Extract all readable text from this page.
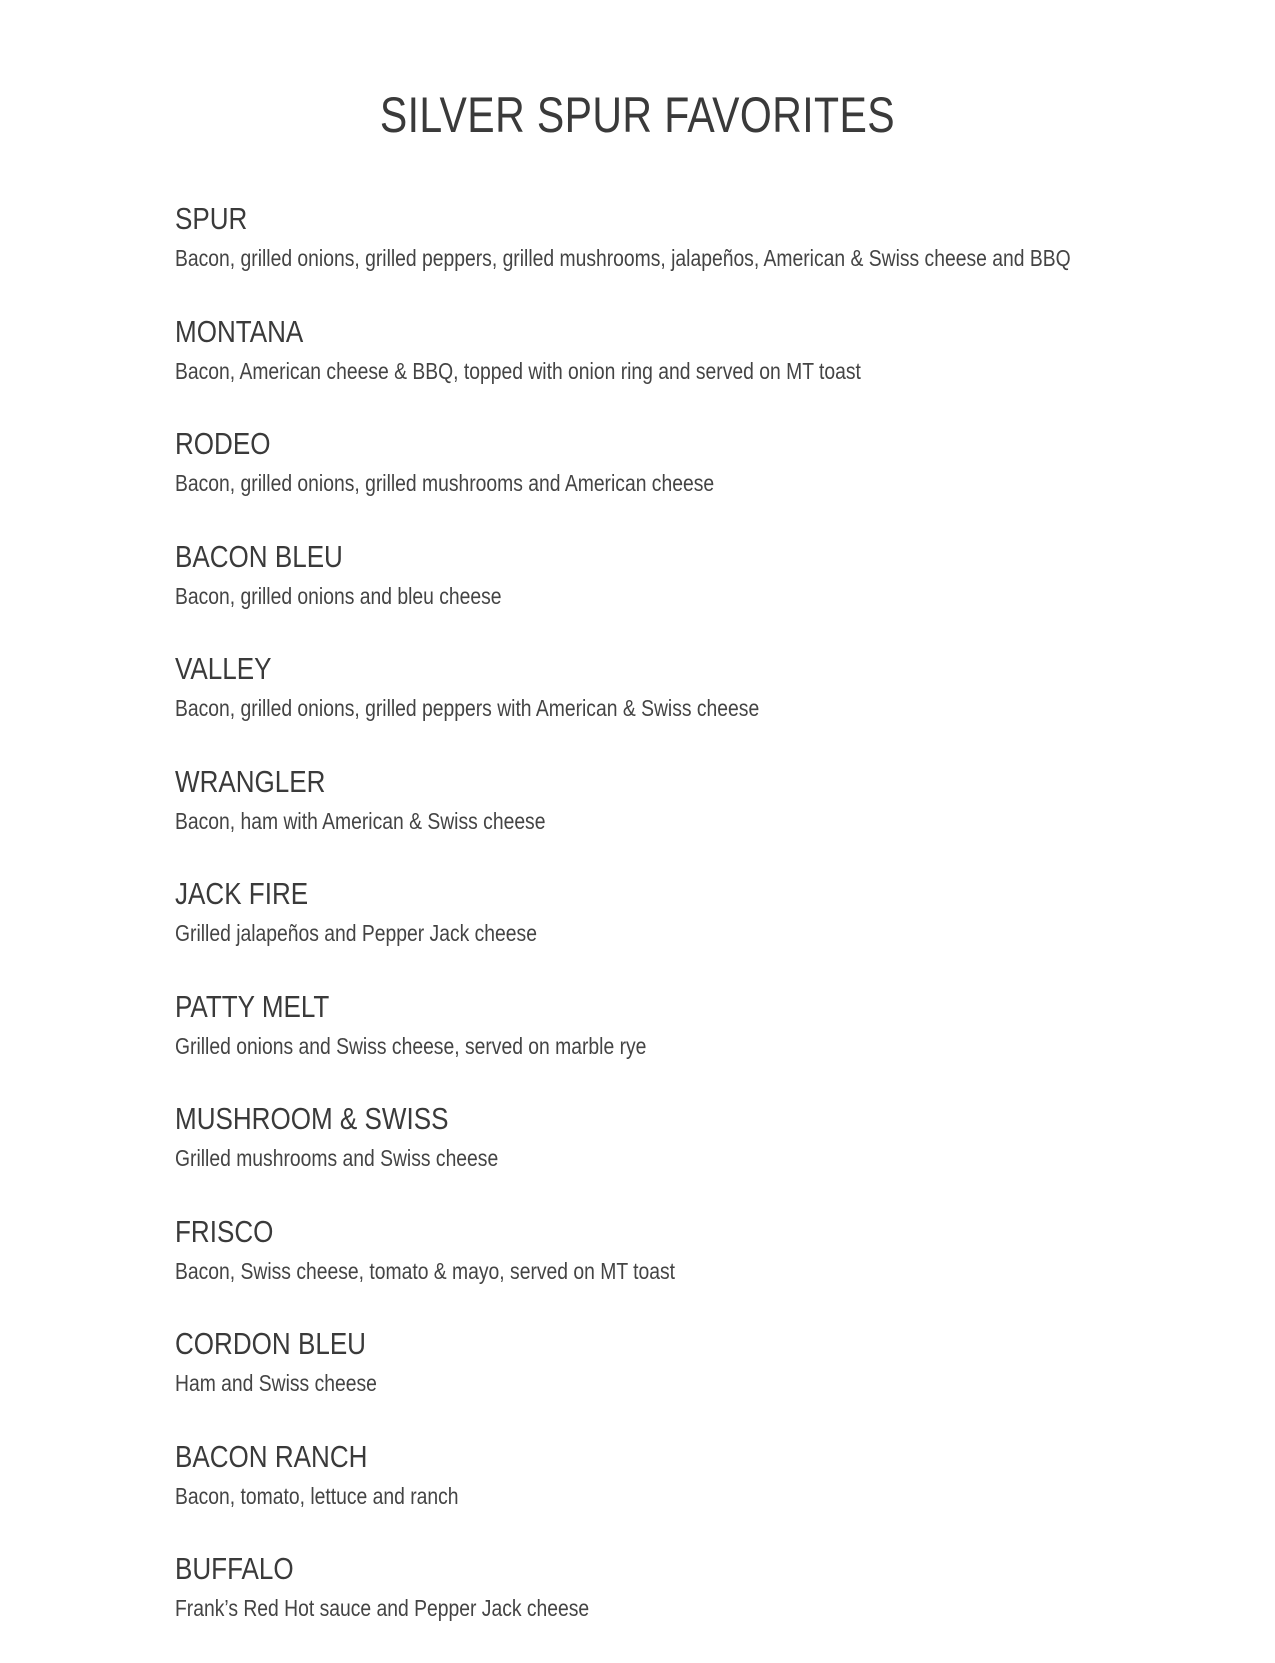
SILVER SPUR FAVORITES
SPUR
Bacon, grilled onions, grilled peppers, grilled mushrooms, jalapeños, American & Swiss cheese and BBQ
MONTANA
Bacon, American cheese & BBQ, topped with onion ring and served on MT toast
RODEO
Bacon, grilled onions, grilled mushrooms and American cheese
BACON BLEU
Bacon, grilled onions and bleu cheese
VALLEY
Bacon, grilled onions, grilled peppers with American & Swiss cheese
WRANGLER
Bacon, ham with American & Swiss cheese
JACK FIRE
Grilled jalapeños and Pepper Jack cheese
PATTY MELT
Grilled onions and Swiss cheese, served on marble rye
MUSHROOM & SWISS
Grilled mushrooms and Swiss cheese
FRISCO
Bacon, Swiss cheese, tomato & mayo, served on MT toast
CORDON BLEU
Ham and Swiss cheese
BACON RANCH
Bacon, tomato, lettuce and ranch
BUFFALO
Frank’s Red Hot sauce and Pepper Jack cheese
